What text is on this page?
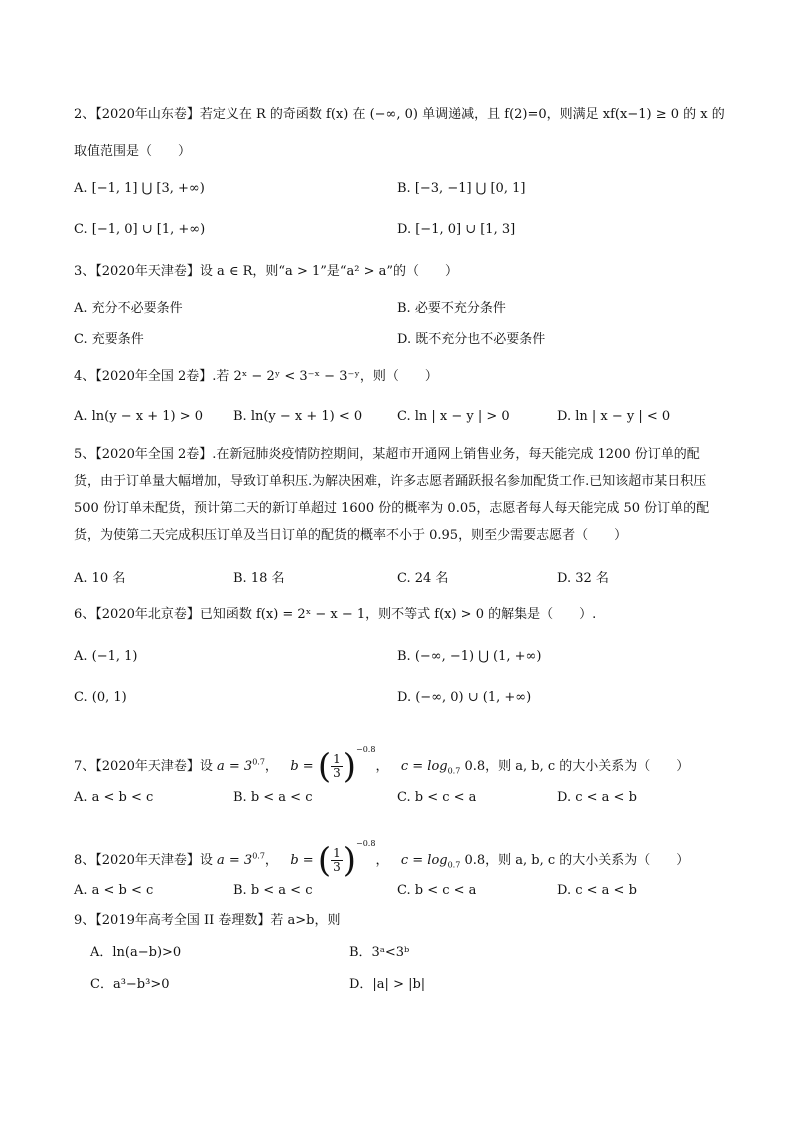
2、【2020年山东卷】若定义在 R 的奇函数 f(x) 在 (−∞, 0) 单调递减，且 f(2)=0，则满足 xf(x−1) ≥ 0 的 x 的
取值范围是（　　）
A. [−1, 1] ⋃ [3, +∞)	B. [−3, −1] ⋃ [0, 1]
C. [−1, 0] ∪ [1, +∞)	D. [−1, 0] ∪ [1, 3]
3、【2020年天津卷】设 a ∈ R，则“a > 1”是“a² > a”的（　　）
A. 充分不必要条件	B. 必要不充分条件
C. 充要条件	D. 既不充分也不必要条件
4、【2020年全国 2卷】.若 2ˣ − 2ʸ < 3⁻ˣ − 3⁻ʸ，则（　　）
A. ln(y − x + 1) > 0 B. ln(y − x + 1) < 0	C. ln | x − y | > 0	D. ln | x − y | < 0
5、【2020年全国 2卷】.在新冠肺炎疫情防控期间，某超市开通网上销售业务，每天能完成 1200 份订单的配货，由于订单量大幅增加，导致订单积压.为解决困难，许多志愿者踊跃报名参加配货工作.已知该超市某日积压 500 份订单未配货，预计第二天的新订单超过 1600 份的概率为 0.05，志愿者每人每天能完成 50 份订单的配货，为使第二天完成积压订单及当日订单的配货的概率不小于 0.95，则至少需要志愿者（　　）
A. 10 名	B. 18 名	C. 24 名	D. 32 名
6、【2020年北京卷】已知函数 f(x) = 2ˣ − x − 1，则不等式 f(x) > 0 的解集是（　　）.
A. (−1, 1)	B. (−∞, −1) ⋃ (1, +∞)
C. (0, 1)	D. (−∞, 0) ∪ (1, +∞)
7、【2020年天津卷】设 $a = 3^{0.7}$，   b = ( $\frac{1}{3} )^{-0.8}$，   $c = \log_{0.7} 0.8$，则 a, b, c 的大小关系为（　　）
A. a < b < c	B. b < a < c	C. b < c < a	D. c < a < b
8、【2020年天津卷】设 $a = 3^{0.7}$，   b = ( $\frac{1}{3} )^{-0.8}$，   $c = \log_{0.7} 0.8$，则 a, b, c 的大小关系为（　　）
A. a < b < c	B. b < a < c	C. b < c < a	D. c < a < b
9、【2019年高考全国 II 卷理数】若 a>b，则
A．ln(a−b)>0	B．3ᵃ<3ᵇ
C．a³−b³>0	D．|a| > |b|
